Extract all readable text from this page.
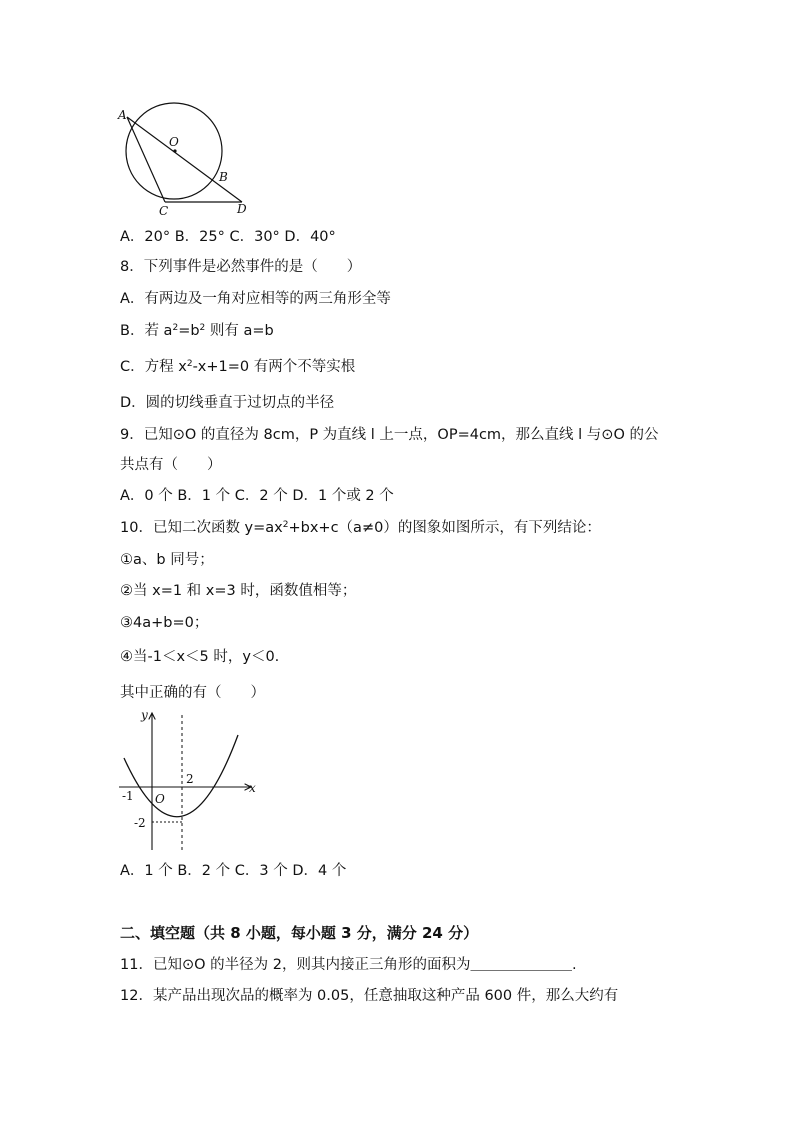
A
O
B
C	D
A．20° B．25° C．30° D．40°
8．下列事件是必然事件的是（　　）
A．有两边及一角对应相等的两三角形全等
B．若 $a^2=b^2$ 则有 a=b
C．方程 $x^2-x+1=0$ 有两个不等实根
D．圆的切线垂直于过切点的半径
9．已知⊙O 的直径为 8cm，P 为直线 l 上一点，OP=4cm，那么直线 l 与⊙O 的公
共点有（　　）
A．0 个 B．1 个 C．2 个 D．1 个或 2 个
10．已知二次函数 $y=ax^2+bx+c(a\ne 0)$的图象如图所示，有下列结论：
①a、b 同号；
②当 x=1 和 x=3 时，函数值相等；
③4a+b=0；
④当-1＜x＜5 时，y＜0.
其中正确的有（　　）
y
x
2
-1 O
-2
A．1 个 B．2 个 C．3 个 D．4 个
二、填空题（共 8 小题，每小题 3 分，满分 24 分）
11．已知⊙O 的半径为 2，则其内接正三角形的面积为＿＿＿＿＿＿＿.
12．某产品出现次品的概率为 0.05，任意抽取这种产品 600 件，那么大约有
